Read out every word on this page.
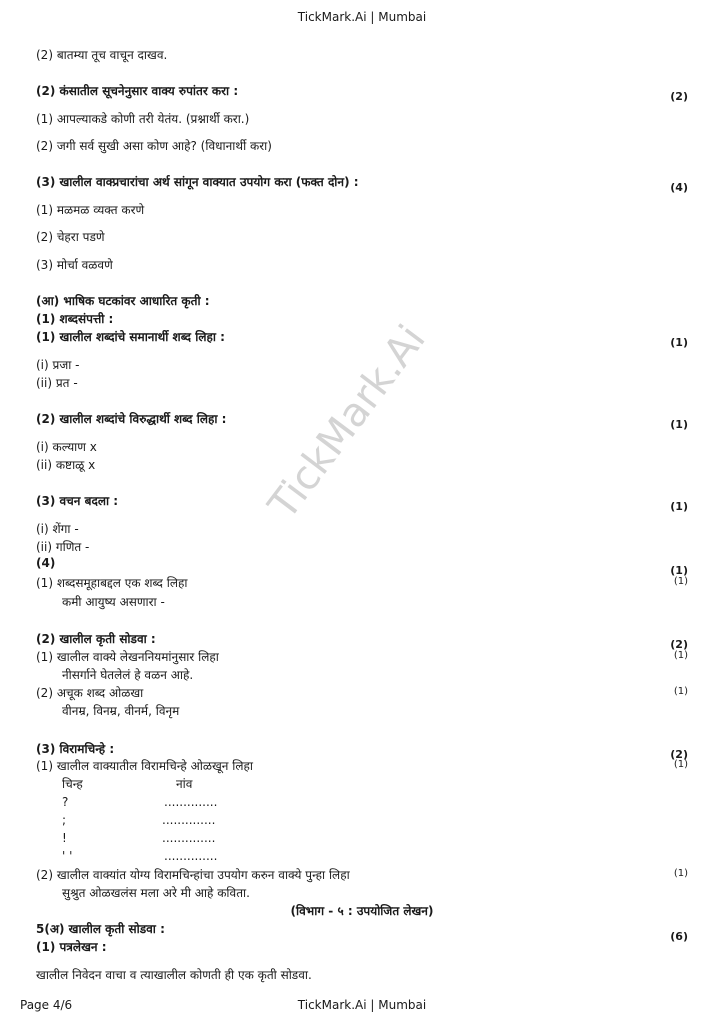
TickMark.Ai | Mumbai
TickMark.Ai
(2) बातम्या तूच वाचून दाखव.
(2) कंसातील सूचनेनुसार वाक्य रुपांतर करा :	(2)
(1) आपल्याकडे कोणी तरी येतंय. (प्रश्नार्थी करा.)
(2) जगी सर्व सुखी असा कोण आहे? (विधानार्थी करा)
(3) खालील वाक्प्रचारांचा अर्थ सांगून वाक्यात उपयोग करा (फक्त दोन) :	(4)
(1) मळमळ व्यक्त करणे
(2) चेहरा पडणे
(3) मोर्चा वळवणे
(आ) भाषिक घटकांवर आधारित कृती :
(1) शब्दसंपत्ती :
(1) खालील शब्दांचे समानार्थी शब्द लिहा :	(1)
(i) प्रजा -
(ii) प्रत -
(2) खालील शब्दांचे विरुद्धार्थी शब्द लिहा :	(1)
(i) कल्याण x
(ii) कष्टाळू x
(3) वचन बदला :	(1)
(i) शेंगा -
(ii) गणित -
(4)
(1)
(1) शब्दसमूहाबद्दल एक शब्द लिहा	(1)
कमी आयुष्य असणारा -
(2) खालील कृती सोडवा :	(2)
(1) खालील वाक्ये लेखननियमांनुसार लिहा	(1)
नीसर्गाने घेतलेलं हे वळन आहे.
(2) अचूक शब्द ओळखा	(1)
वीनम्र, विनम्र, वीनर्म, विनृम
(3) विरामचिन्हे :	(2)
(1) खालील वाक्यातील विरामचिन्हे ओळखून लिहा	(1)
चिन्ह	नांव
?	..............
;	..............
!	..............
' '	..............
(2) खालील वाक्यांत योग्य विरामचिन्हांचा उपयोग करुन वाक्ये पुन्हा लिहा	(1)
सुश्रुत ओळखलंस मला अरे मी आहे कविता.
(विभाग - ५ : उपयोजित लेखन)
5(अ) खालील कृती सोडवा :
(6)
(1) पत्रलेखन :
खालील निवेदन वाचा व त्याखालील कोणती ही एक कृती सोडवा.
Page 4/6	TickMark.Ai | Mumbai
